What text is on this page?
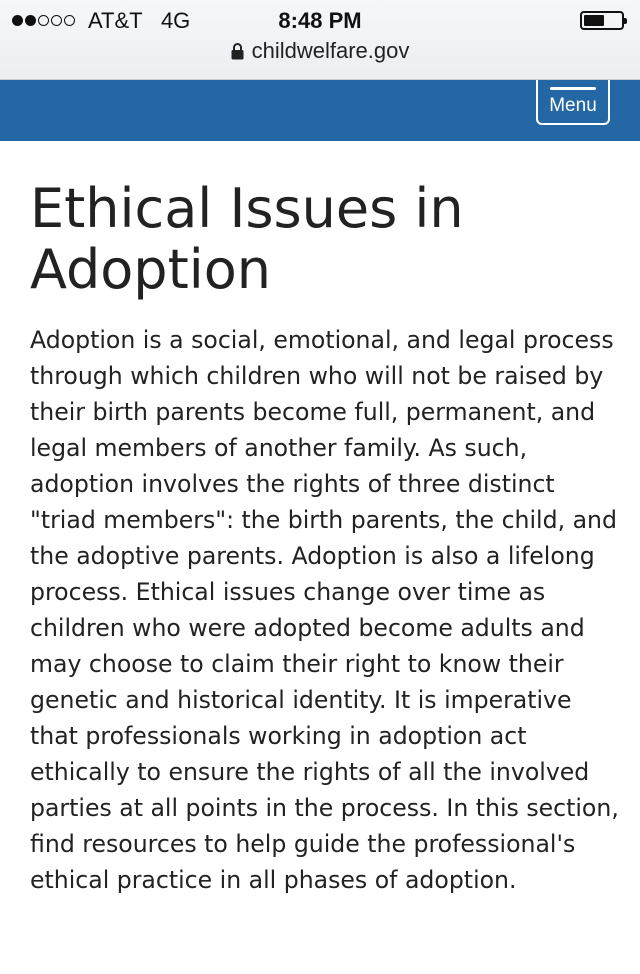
AT&T 4G	8:48 PM
childwelfare.gov
Menu
Ethical Issues in Adoption

Adoption is a social, emotional, and legal process through which children who will not be raised by their birth parents become full, permanent, and legal members of another family. As such, adoption involves the rights of three distinct "triad members": the birth parents, the child, and the adoptive parents. Adoption is also a lifelong process. Ethical issues change over time as children who were adopted become adults and may choose to claim their right to know their genetic and historical identity. It is imperative that professionals working in adoption act ethically to ensure the rights of all the involved parties at all points in the process. In this section, find resources to help guide the professional's ethical practice in all phases of adoption.
